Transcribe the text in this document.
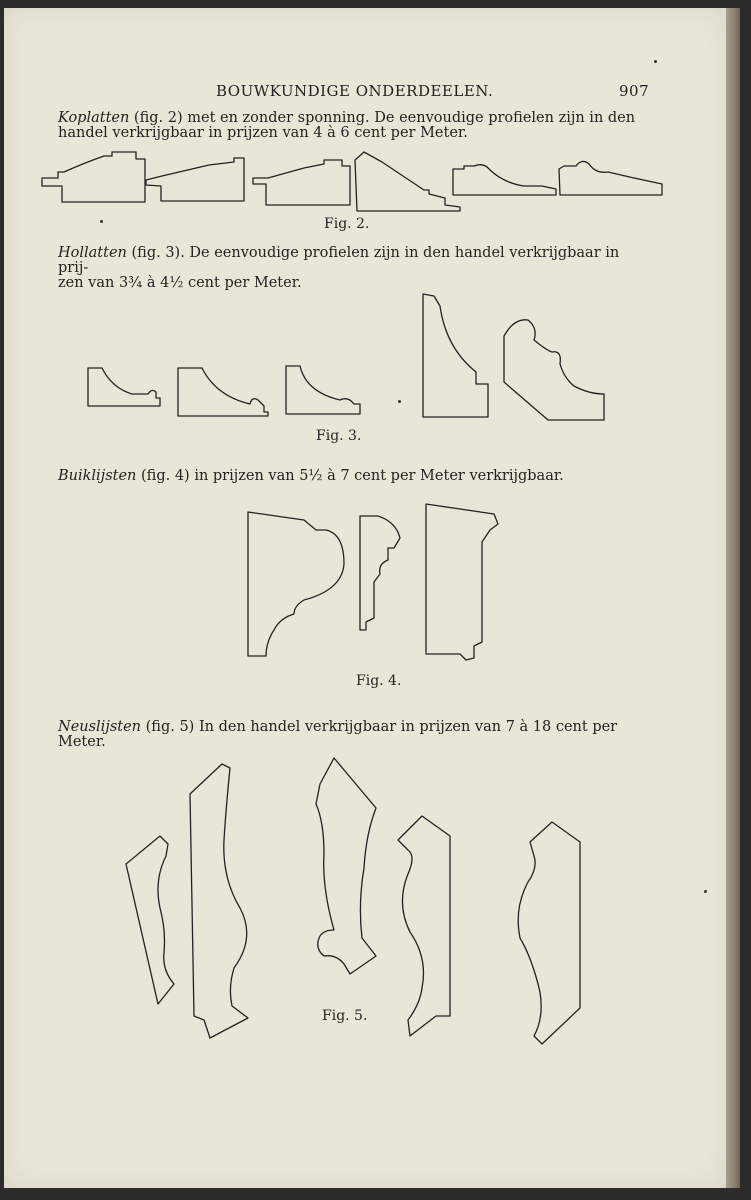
BOUWKUNDIGE ONDERDEELEN.	907
Koplatten (fig. 2) met en zonder sponning. De eenvoudige profielen zijn in den
handel verkrijgbaar in prijzen van 4 à 6 cent per Meter.
Fig. 2.
Hollatten (fig. 3). De eenvoudige profielen zijn in den handel verkrijgbaar in prij-
zen van 3¾ à 4½ cent per Meter.
Fig. 3.
Buiklijsten (fig. 4) in prijzen van 5½ à 7 cent per Meter verkrijgbaar.
Fig. 4.
Neuslijsten (fig. 5) In den handel verkrijgbaar in prijzen van 7 à 18 cent per Meter.
Fig. 5.
